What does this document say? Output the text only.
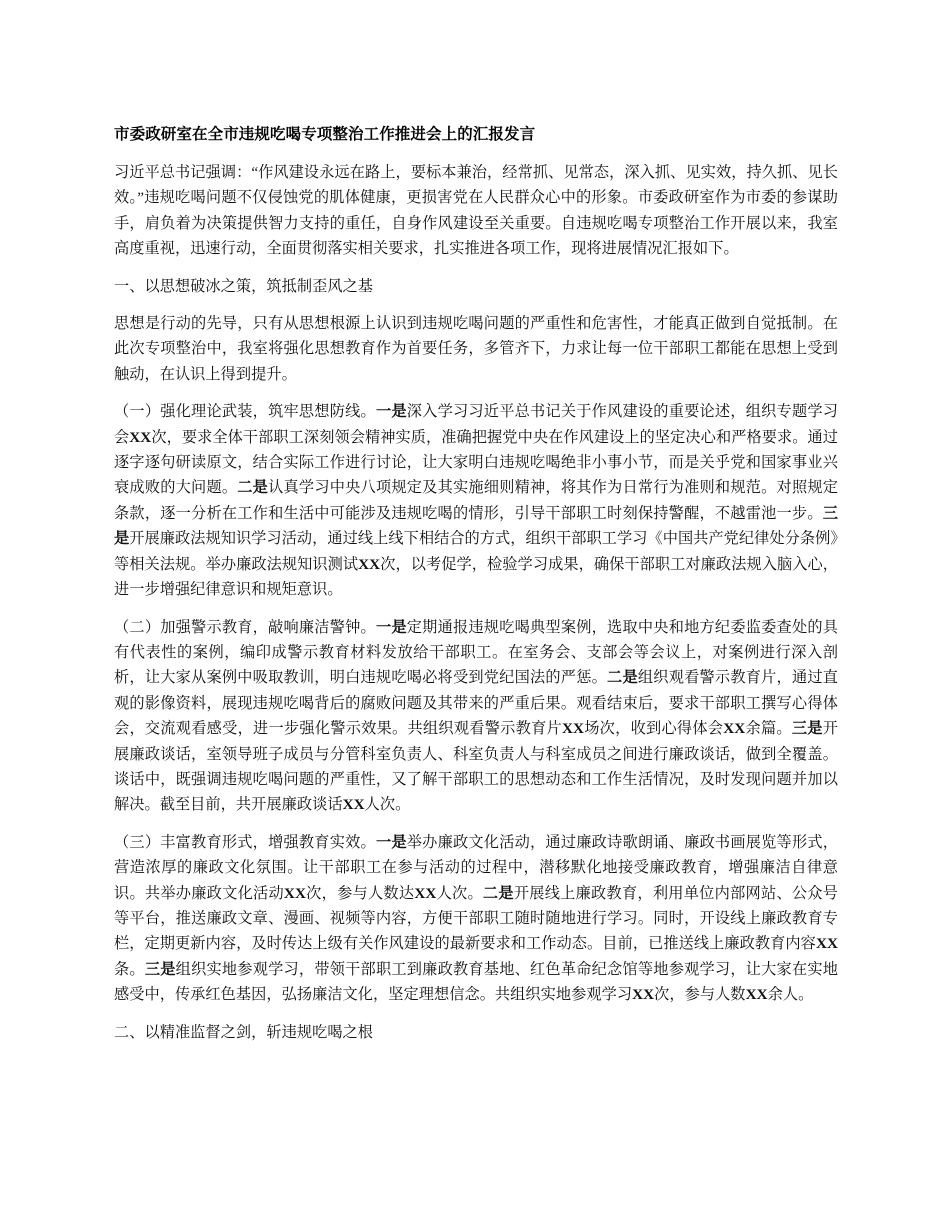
市委政研室在全市违规吃喝专项整治工作推进会上的汇报发言

习近平总书记强调：“作风建设永远在路上，要标本兼治，经常抓、见常态，深入抓、见实效，持久抓、见长效。”违规吃喝问题不仅侵蚀党的肌体健康，更损害党在人民群众心中的形象。市委政研室作为市委的参谋助手，肩负着为决策提供智力支持的重任，自身作风建设至关重要。自违规吃喝专项整治工作开展以来，我室高度重视，迅速行动，全面贯彻落实相关要求，扎实推进各项工作，现将进展情况汇报如下。

一、以思想破冰之策，筑抵制歪风之基

思想是行动的先导，只有从思想根源上认识到违规吃喝问题的严重性和危害性，才能真正做到自觉抵制。在此次专项整治中，我室将强化思想教育作为首要任务，多管齐下，力求让每一位干部职工都能在思想上受到触动，在认识上得到提升。

（一）强化理论武装，筑牢思想防线。一是深入学习习近平总书记关于作风建设的重要论述，组织专题学习会XX次，要求全体干部职工深刻领会精神实质，准确把握党中央在作风建设上的坚定决心和严格要求。通过逐字逐句研读原文，结合实际工作进行讨论，让大家明白违规吃喝绝非小事小节，而是关乎党和国家事业兴衰成败的大问题。二是认真学习中央八项规定及其实施细则精神，将其作为日常行为准则和规范。对照规定条款，逐一分析在工作和生活中可能涉及违规吃喝的情形，引导干部职工时刻保持警醒，不越雷池一步。三是开展廉政法规知识学习活动，通过线上线下相结合的方式，组织干部职工学习《中国共产党纪律处分条例》等相关法规。举办廉政法规知识测试XX次，以考促学，检验学习成果，确保干部职工对廉政法规入脑入心，进一步增强纪律意识和规矩意识。

（二）加强警示教育，敲响廉洁警钟。一是定期通报违规吃喝典型案例，选取中央和地方纪委监委查处的具有代表性的案例，编印成警示教育材料发放给干部职工。在室务会、支部会等会议上，对案例进行深入剖析，让大家从案例中吸取教训，明白违规吃喝必将受到党纪国法的严惩。二是组织观看警示教育片，通过直观的影像资料，展现违规吃喝背后的腐败问题及其带来的严重后果。观看结束后，要求干部职工撰写心得体会，交流观看感受，进一步强化警示效果。共组织观看警示教育片XX场次，收到心得体会XX余篇。三是开展廉政谈话，室领导班子成员与分管科室负责人、科室负责人与科室成员之间进行廉政谈话，做到全覆盖。谈话中，既强调违规吃喝问题的严重性，又了解干部职工的思想动态和工作生活情况，及时发现问题并加以解决。截至目前，共开展廉政谈话XX人次。

（三）丰富教育形式，增强教育实效。一是举办廉政文化活动，通过廉政诗歌朗诵、廉政书画展览等形式，营造浓厚的廉政文化氛围。让干部职工在参与活动的过程中，潜移默化地接受廉政教育，增强廉洁自律意识。共举办廉政文化活动XX次，参与人数达XX人次。二是开展线上廉政教育，利用单位内部网站、公众号等平台，推送廉政文章、漫画、视频等内容，方便干部职工随时随地进行学习。同时，开设线上廉政教育专栏，定期更新内容，及时传达上级有关作风建设的最新要求和工作动态。目前，已推送线上廉政教育内容XX条。三是组织实地参观学习，带领干部职工到廉政教育基地、红色革命纪念馆等地参观学习，让大家在实地感受中，传承红色基因，弘扬廉洁文化，坚定理想信念。共组织实地参观学习XX次，参与人数XX余人。

二、以精准监督之剑，斩违规吃喝之根
